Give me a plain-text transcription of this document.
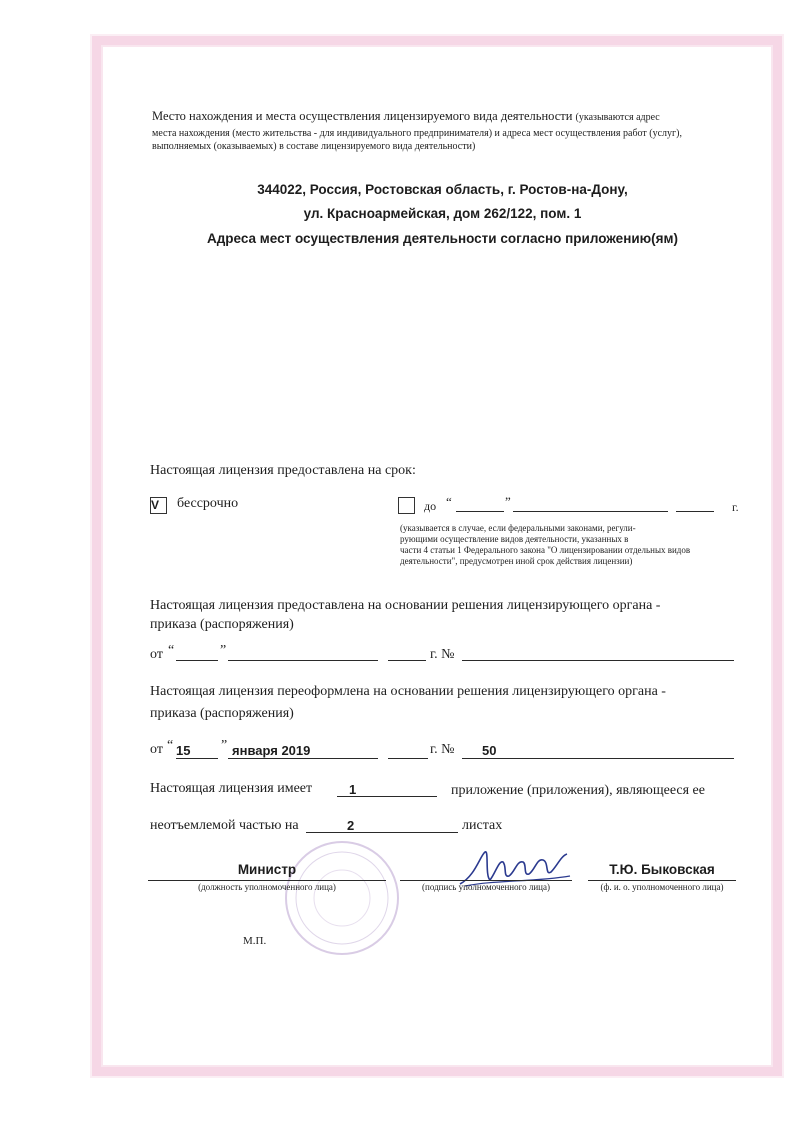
Место нахождения и места осуществления лицензируемого вида деятельности (указываются адрес
места нахождения (место жительства - для индивидуального предпринимателя) и адреса мест осуществления работ (услуг),
выполняемых (оказываемых) в составе лицензируемого вида деятельности)
344022, Россия, Ростовская область, г. Ростов-на-Дону,
ул. Красноармейская, дом 262/122, пом. 1
Адреса мест осуществления деятельности согласно приложению(ям)
Настоящая лицензия предоставлена на срок:
V бессрочно	до “	”	г.
(указывается в случае, если федеральными законами, регули-
рующими осуществление видов деятельности, указанных в
части 4 статьи 1 Федерального закона "О лицензировании отдельных видов
деятельности", предусмотрен иной срок действия лицензии)
Настоящая лицензия предоставлена на основании решения лицензирующего органа -
приказа (распоряжения)
от “	”	г. №
Настоящая лицензия переоформлена на основании решения лицензирующего органа -
приказа (распоряжения)
от “ 15 ” января 2019	г. № 50
Настоящая лицензия имеет	1	приложение (приложения), являющееся ее
неотъемлемой частью на	2	листах
Министр
(должность уполномоченного лица)	(подпись уполномоченного лица)
Т.Ю. Быковская
(ф. и. о. уполномоченного лица)
М.П.
